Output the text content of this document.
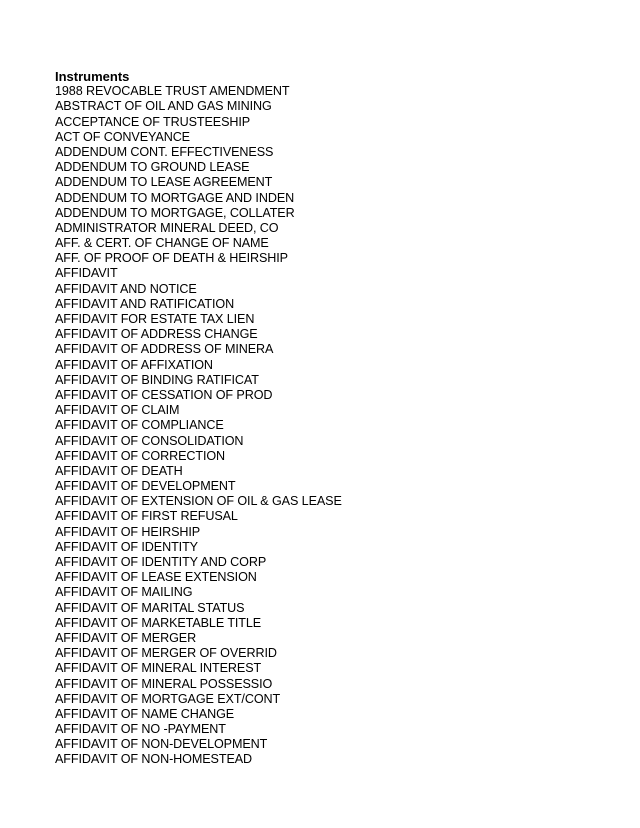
Instruments
1988 REVOCABLE TRUST AMENDMENT
ABSTRACT OF OIL AND GAS MINING
ACCEPTANCE OF TRUSTEESHIP
ACT OF CONVEYANCE
ADDENDUM CONT. EFFECTIVENESS
ADDENDUM TO GROUND LEASE
ADDENDUM TO LEASE AGREEMENT
ADDENDUM TO MORTGAGE AND INDEN
ADDENDUM TO MORTGAGE, COLLATER
ADMINISTRATOR MINERAL DEED, CO
AFF. & CERT. OF CHANGE OF NAME
AFF. OF PROOF OF DEATH & HEIRSHIP
AFFIDAVIT
AFFIDAVIT AND NOTICE
AFFIDAVIT AND RATIFICATION
AFFIDAVIT FOR ESTATE TAX LIEN
AFFIDAVIT OF ADDRESS CHANGE
AFFIDAVIT OF ADDRESS OF MINERA
AFFIDAVIT OF AFFIXATION
AFFIDAVIT OF BINDING RATIFICAT
AFFIDAVIT OF CESSATION OF PROD
AFFIDAVIT OF CLAIM
AFFIDAVIT OF COMPLIANCE
AFFIDAVIT OF CONSOLIDATION
AFFIDAVIT OF CORRECTION
AFFIDAVIT OF DEATH
AFFIDAVIT OF DEVELOPMENT
AFFIDAVIT OF EXTENSION OF OIL & GAS LEASE
AFFIDAVIT OF FIRST REFUSAL
AFFIDAVIT OF HEIRSHIP
AFFIDAVIT OF IDENTITY
AFFIDAVIT OF IDENTITY AND CORP
AFFIDAVIT OF LEASE EXTENSION
AFFIDAVIT OF MAILING
AFFIDAVIT OF MARITAL STATUS
AFFIDAVIT OF MARKETABLE TITLE
AFFIDAVIT OF MERGER
AFFIDAVIT OF MERGER OF OVERRID
AFFIDAVIT OF MINERAL INTEREST
AFFIDAVIT OF MINERAL POSSESSIO
AFFIDAVIT OF MORTGAGE EXT/CONT
AFFIDAVIT OF NAME CHANGE
AFFIDAVIT OF NO -PAYMENT
AFFIDAVIT OF NON-DEVELOPMENT
AFFIDAVIT OF NON-HOMESTEAD
